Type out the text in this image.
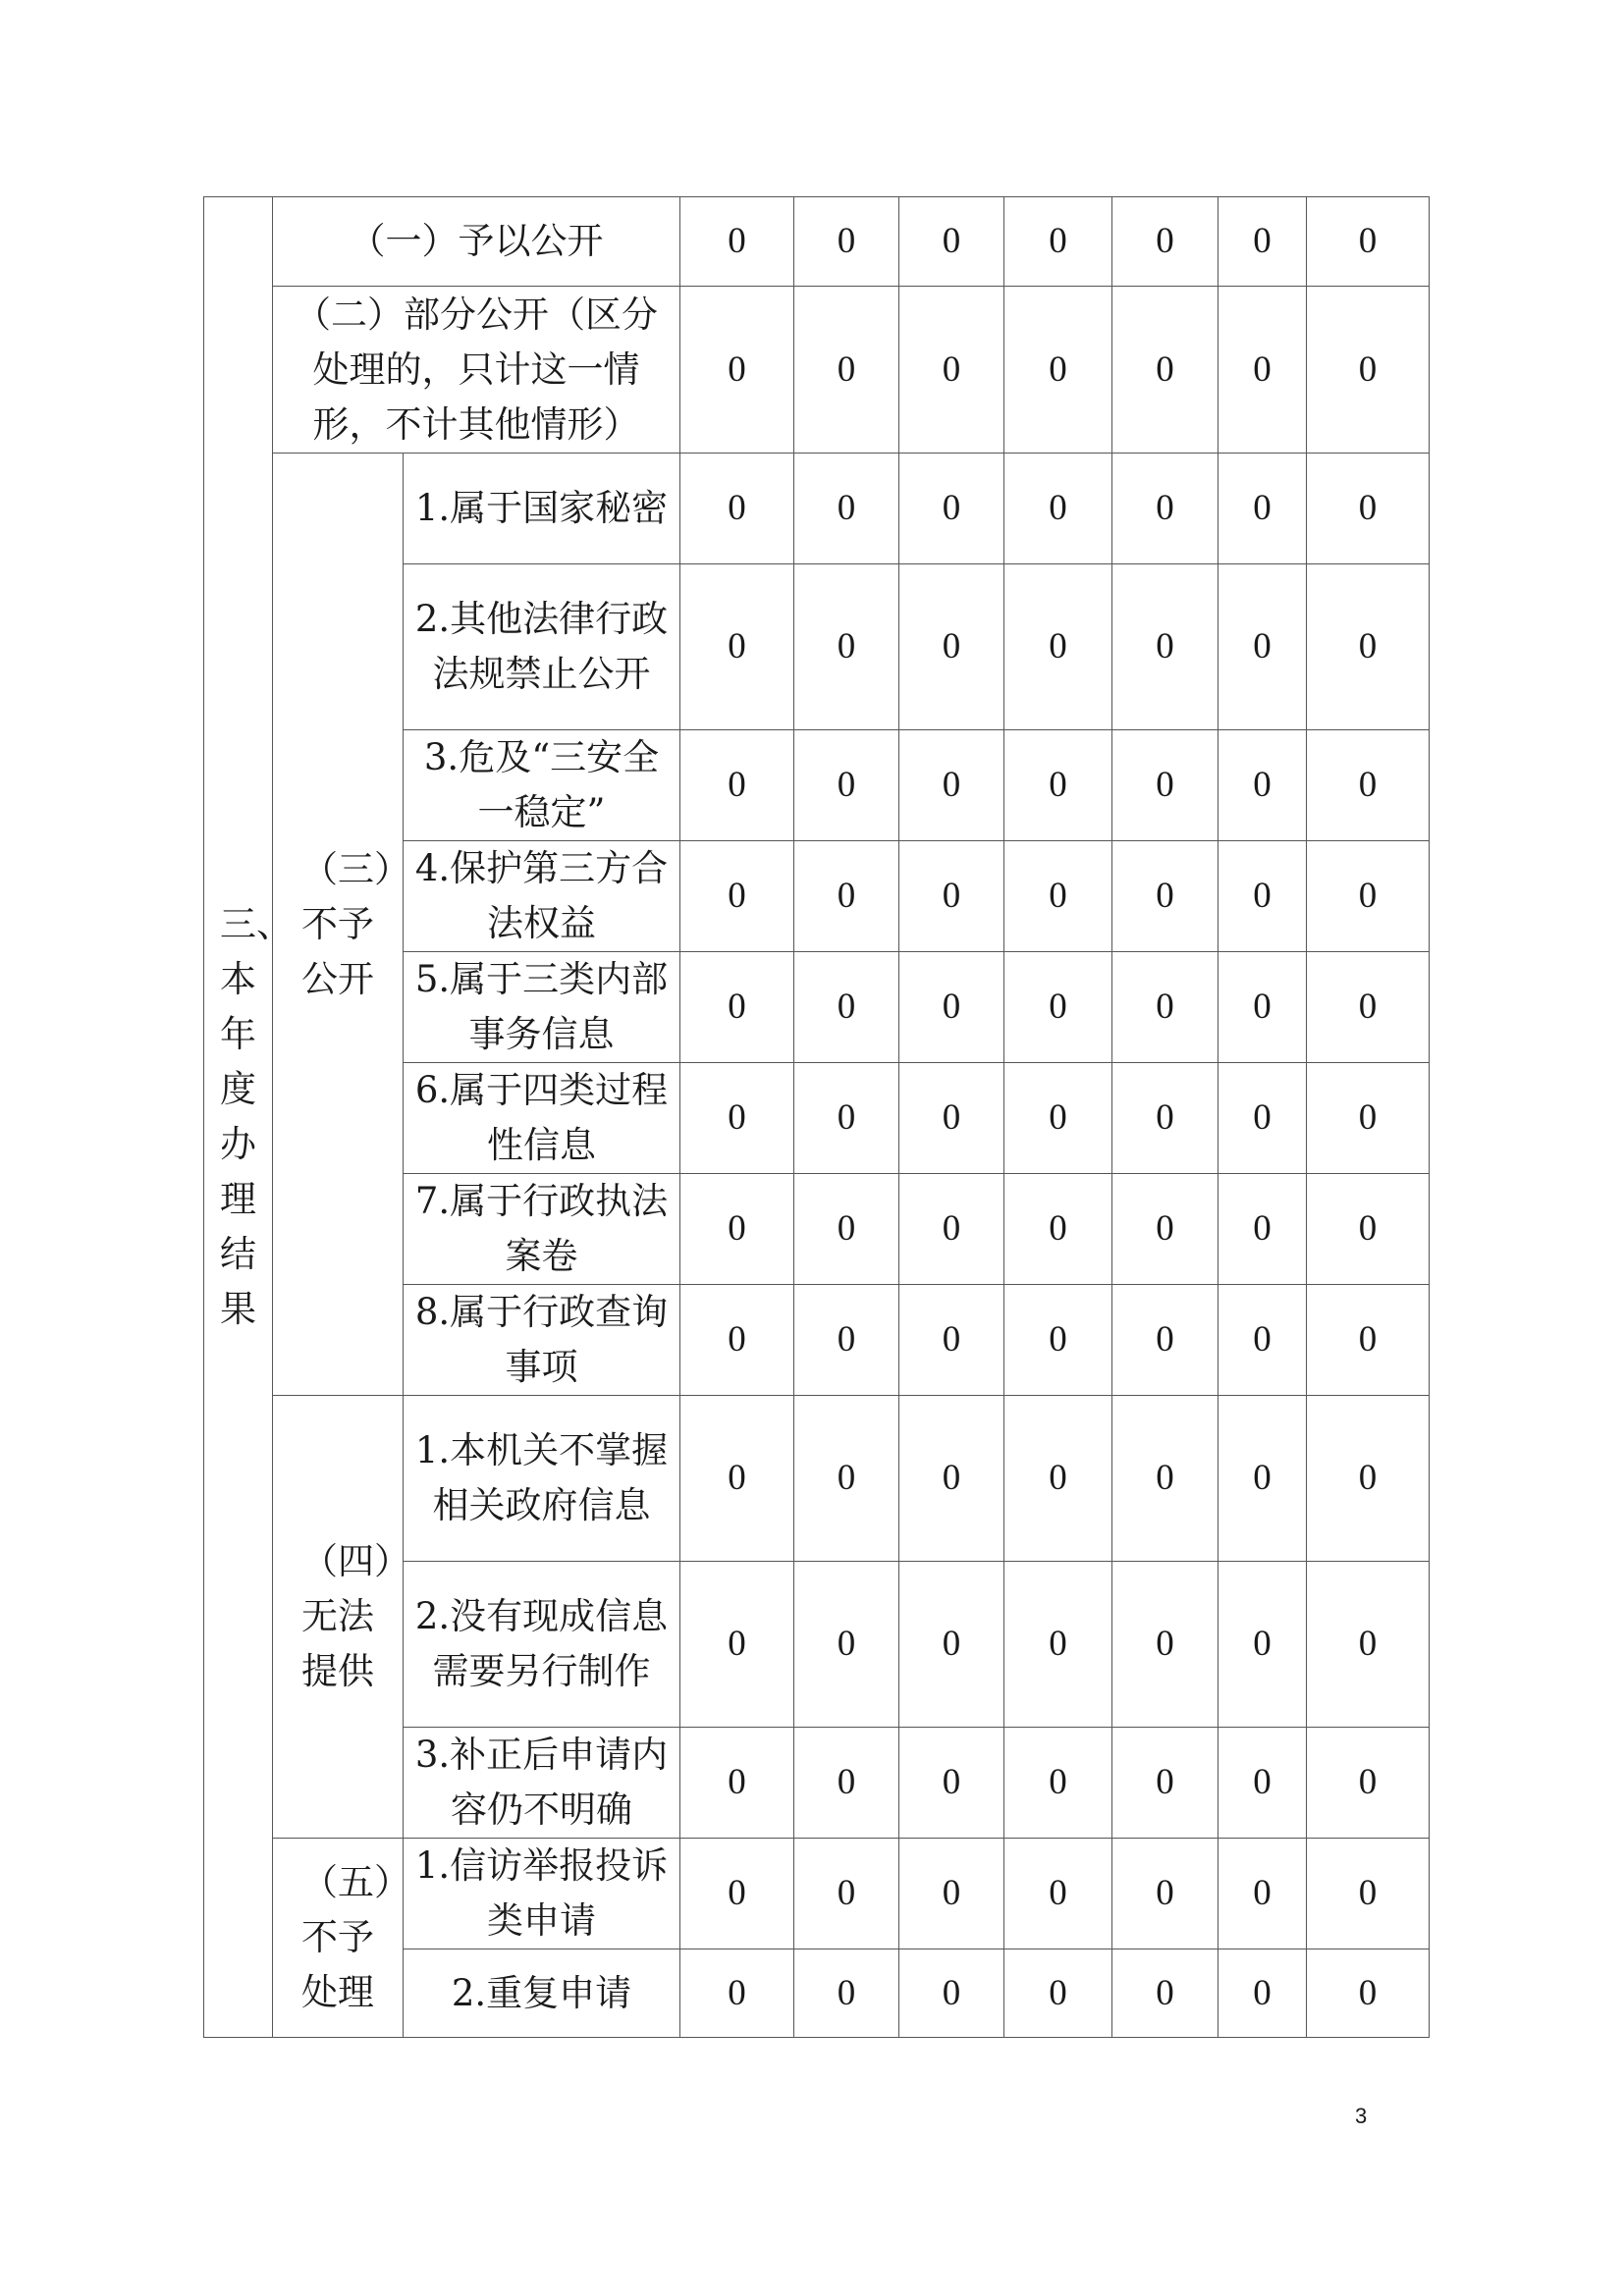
三、本年度办理结果	（一）予以公开		0	0	0	0	0	0	0
	（二）部分公开（区分处理的，只计这一情形，不计其他情形）		0	0	0	0	0	0	0

	（三）不予公开	1.属于国家秘密	0	0	0	0	0	0	0
		2.其他法律行政法规禁止公开	0	0	0	0	0	0	0
		3.危及“三安全一稳定”	0	0	0	0	0	0	0
		4.保护第三方合法权益	0	0	0	0	0	0	0
		5.属于三类内部事务信息	0	0	0	0	0	0	0
		6.属于四类过程性信息	0	0	0	0	0	0	0
		7.属于行政执法案卷	0	0	0	0	0	0	0
		8.属于行政查询事项	0	0	0	0	0	0	0

	（四）无法提供	1.本机关不掌握相关政府信息	0	0	0	0	0	0	0
		2.没有现成信息需要另行制作	0	0	0	0	0	0	0
		3.补正后申请内容仍不明确	0	0	0	0	0	0	0

	（五）不予处理	1.信访举报投诉类申请	0	0	0	0	0	0	0
		2.重复申请	0	0	0	0	0	0	0
3
